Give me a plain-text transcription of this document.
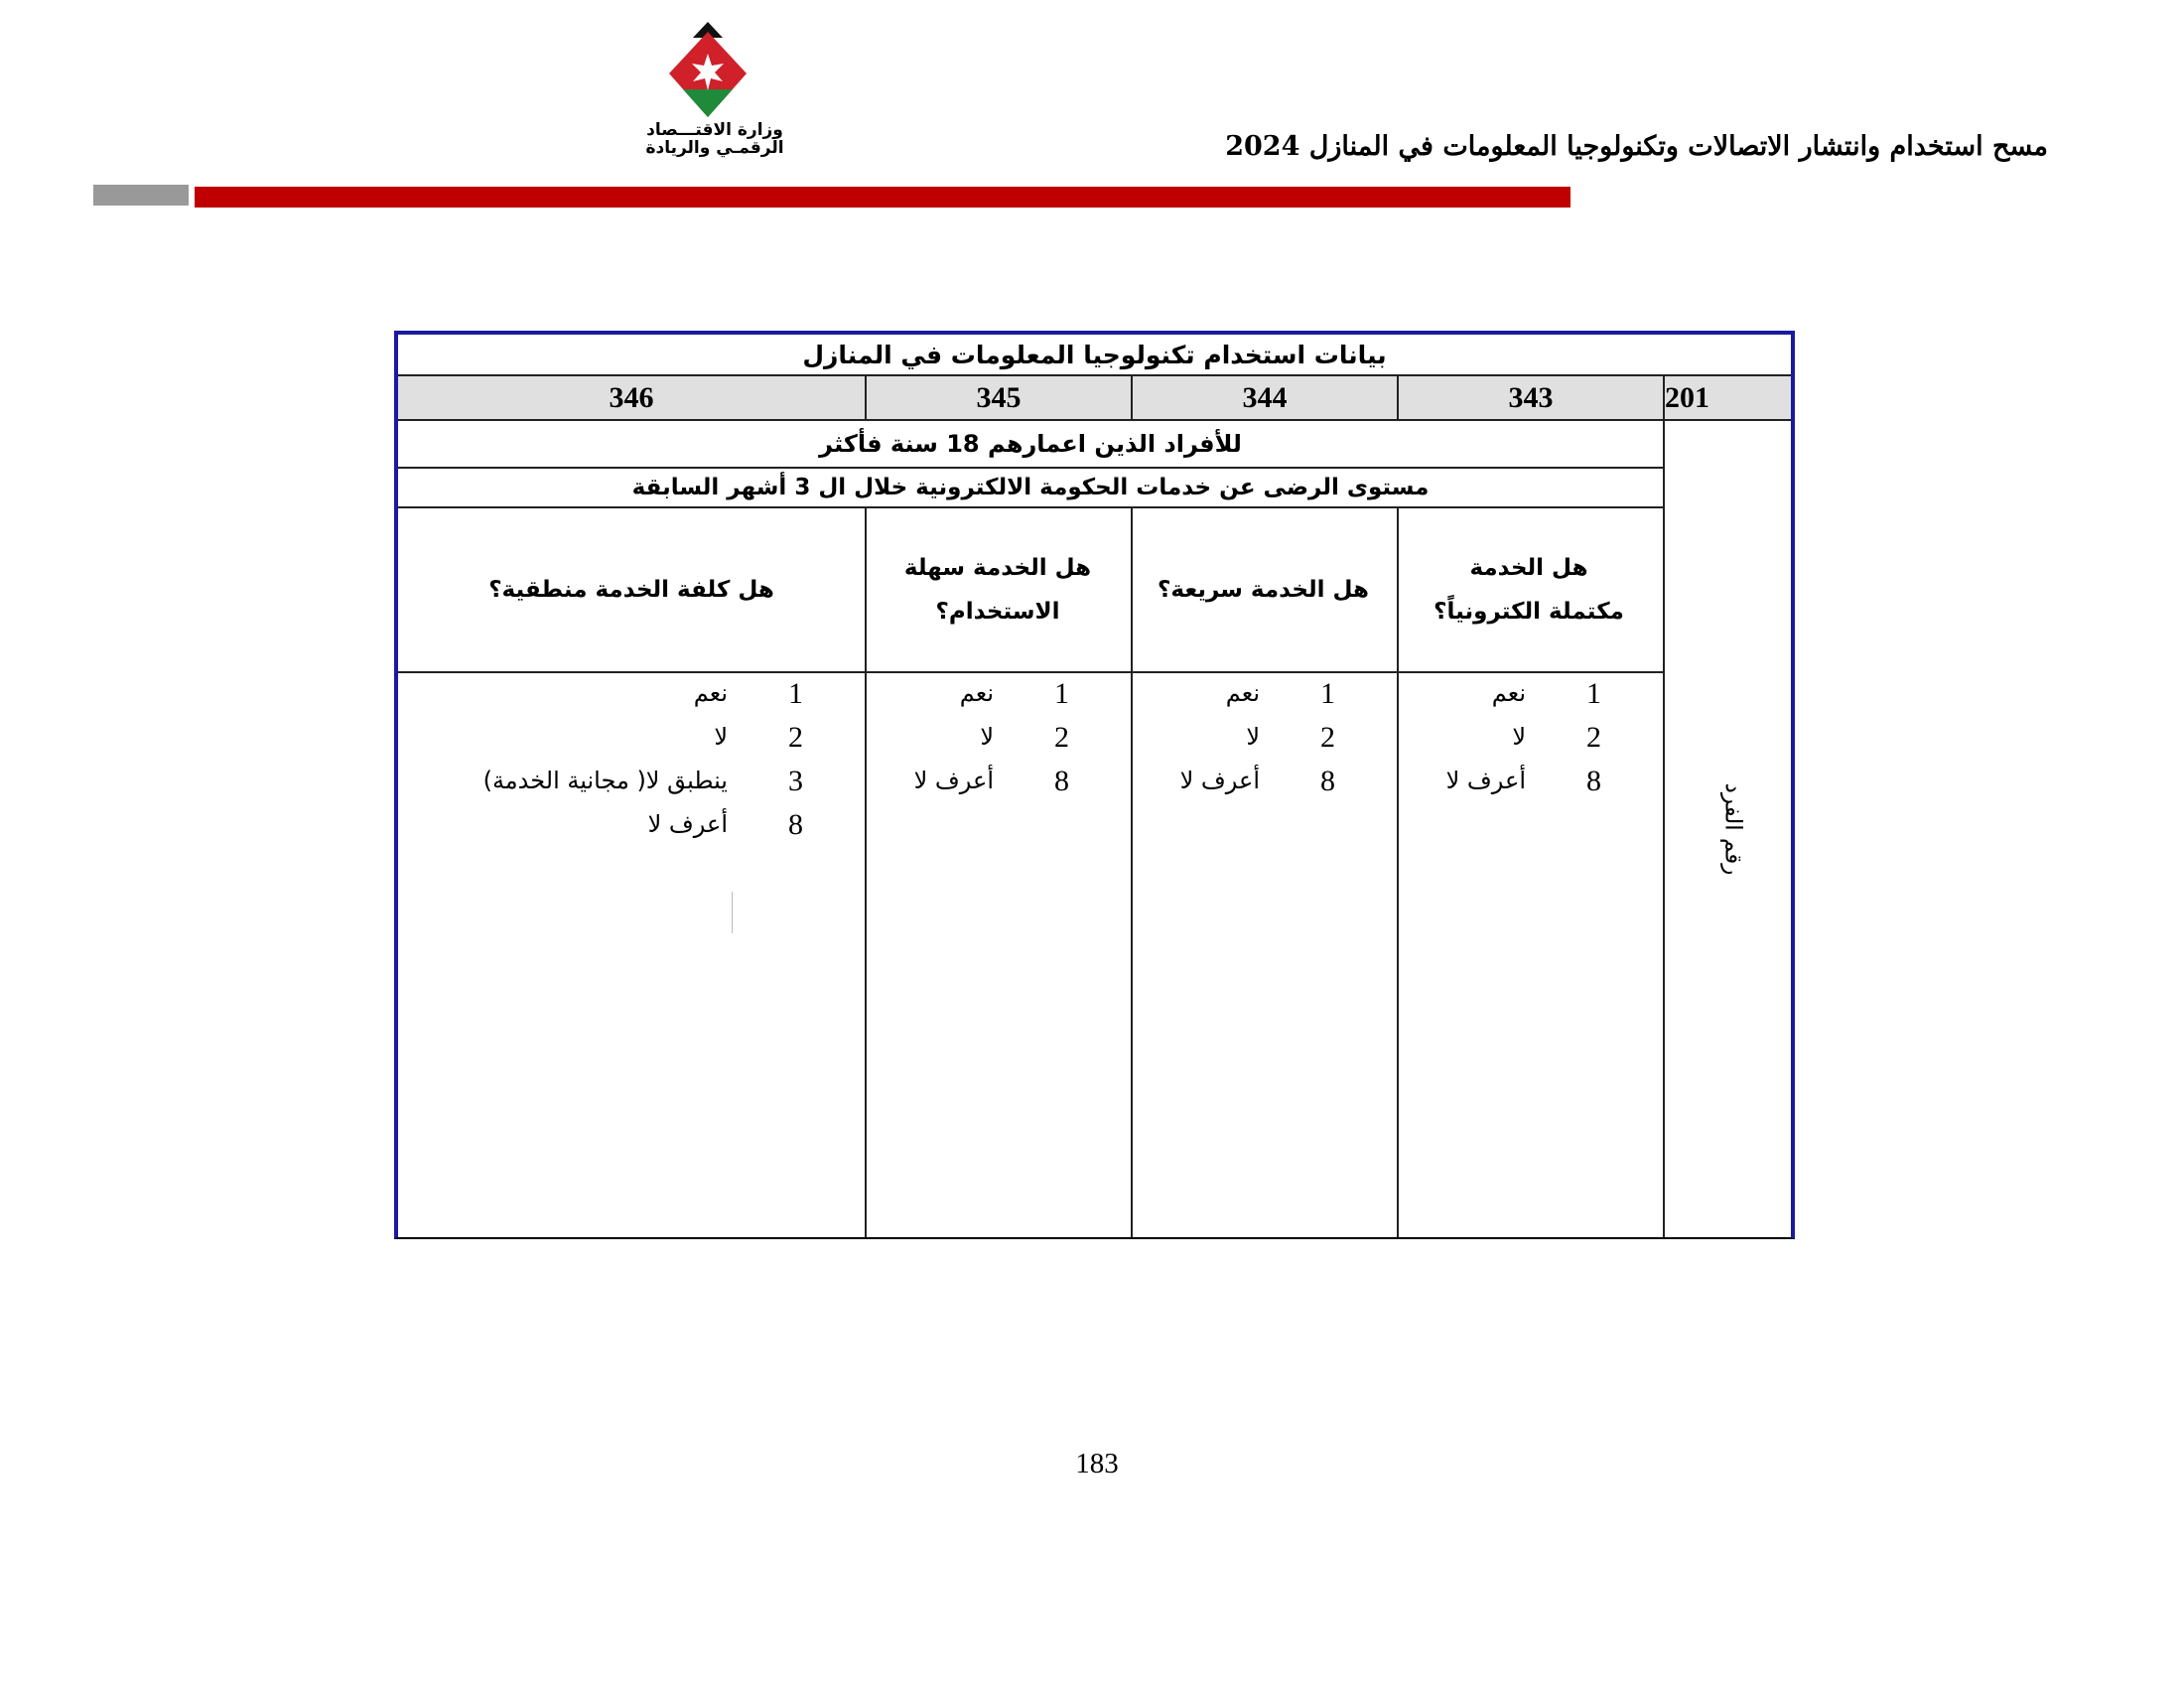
وزارة الاقتـــصاد
الرقمـي والريادة	مسح استخدام وانتشار الاتصالات وتكنولوجيا المعلومات في المنازل 2024
بيانات استخدام تكنولوجيا المعلومات في المنازل
201
343
344
345
346
للأفراد الذين اعمارهم 18 سنة فأكثر
مستوى الرضى عن خدمات الحكومة الالكترونية خلال ال 3 أشهر السابقة
هل الخدمة مكتملة الكترونياً؟
هل الخدمة سريعة؟
هل الخدمة سهلة الاستخدام؟
هل كلفة الخدمة منطقية؟
رقم الفرد
1
نعم
2
لا
8
أعرف لا
1
نعم
2
لا
8
أعرف لا
1
نعم
2
لا
8
أعرف لا
1
نعم
2
لا
3
ينطبق لا( مجانية الخدمة)
8
أعرف لا
183
